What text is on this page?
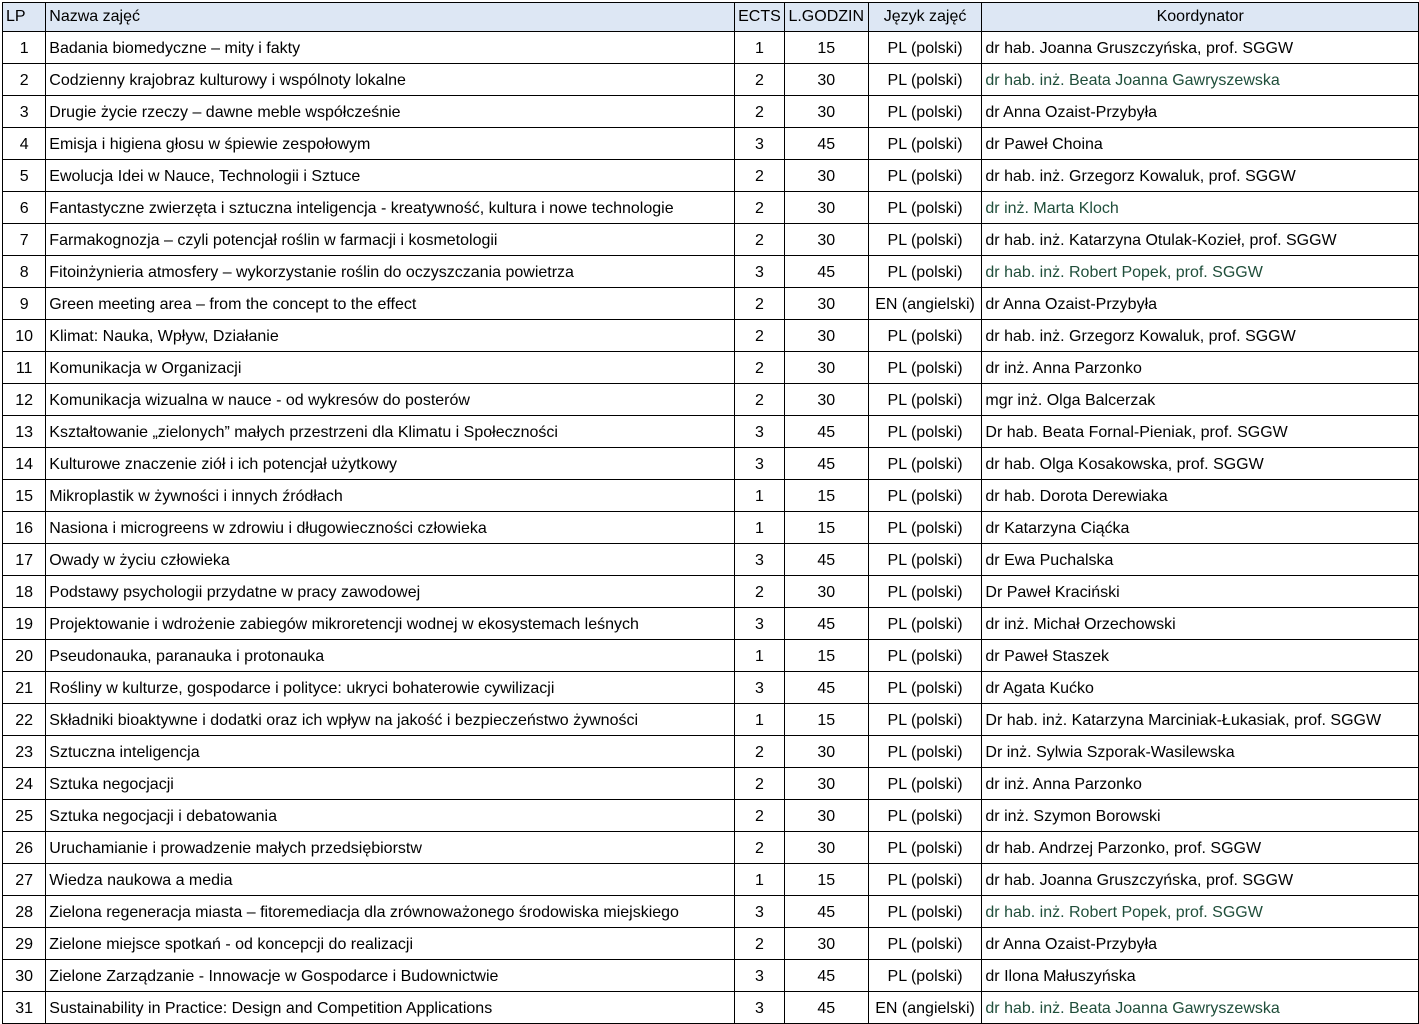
LP	Nazwa zajęć	ECTS	L.GODZIN	Język zajęć	Koordynator
1	Badania biomedyczne – mity i fakty	1	15	PL (polski)	dr hab. Joanna Gruszczyńska, prof. SGGW
2	Codzienny krajobraz kulturowy i wspólnoty lokalne	2	30	PL (polski)	dr hab. inż. Beata Joanna Gawryszewska
3	Drugie życie rzeczy – dawne meble współcześnie	2	30	PL (polski)	dr Anna Ozaist-Przybyła
4	Emisja i higiena głosu w śpiewie zespołowym	3	45	PL (polski)	dr Paweł Choina
5	Ewolucja Idei w Nauce, Technologii i Sztuce	2	30	PL (polski)	dr hab. inż. Grzegorz Kowaluk, prof. SGGW
6	Fantastyczne zwierzęta i sztuczna inteligencja - kreatywność, kultura i nowe technologie	2	30	PL (polski)	dr inż. Marta Kloch
7	Farmakognozja – czyli potencjał roślin w farmacji i kosmetologii	2	30	PL (polski)	dr hab. inż. Katarzyna Otulak-Kozieł, prof. SGGW
8	Fitoinżynieria atmosfery – wykorzystanie roślin do oczyszczania powietrza	3	45	PL (polski)	dr hab. inż. Robert Popek, prof. SGGW
9	Green meeting area – from the concept to the effect	2	30	EN (angielski)	dr Anna Ozaist-Przybyła
10	Klimat: Nauka, Wpływ, Działanie	2	30	PL (polski)	dr hab. inż. Grzegorz Kowaluk, prof. SGGW
11	Komunikacja w Organizacji	2	30	PL (polski)	dr inż. Anna Parzonko
12	Komunikacja wizualna w nauce - od wykresów do posterów	2	30	PL (polski)	mgr inż. Olga Balcerzak
13	Kształtowanie „zielonych” małych przestrzeni dla Klimatu i Społeczności	3	45	PL (polski)	Dr hab. Beata Fornal-Pieniak, prof. SGGW
14	Kulturowe znaczenie ziół i ich potencjał użytkowy	3	45	PL (polski)	dr hab. Olga Kosakowska, prof. SGGW
15	Mikroplastik w żywności i innych źródłach	1	15	PL (polski)	dr hab. Dorota Derewiaka
16	Nasiona i microgreens w zdrowiu i długowieczności człowieka	1	15	PL (polski)	dr Katarzyna Ciąćka
17	Owady w życiu człowieka	3	45	PL (polski)	dr Ewa Puchalska
18	Podstawy psychologii przydatne w pracy zawodowej	2	30	PL (polski)	Dr Paweł Kraciński
19	Projektowanie i wdrożenie zabiegów mikroretencji wodnej w ekosystemach leśnych	3	45	PL (polski)	dr inż. Michał Orzechowski
20	Pseudonauka, paranauka i protonauka	1	15	PL (polski)	dr Paweł Staszek
21	Rośliny w kulturze, gospodarce i polityce: ukryci bohaterowie cywilizacji	3	45	PL (polski)	dr Agata Kućko
22	Składniki bioaktywne i dodatki oraz ich wpływ na jakość i bezpieczeństwo żywności	1	15	PL (polski)	Dr hab. inż. Katarzyna Marciniak-Łukasiak, prof. SGGW
23	Sztuczna inteligencja	2	30	PL (polski)	Dr inż. Sylwia Szporak-Wasilewska
24	Sztuka negocjacji	2	30	PL (polski)	dr inż. Anna Parzonko
25	Sztuka negocjacji i debatowania	2	30	PL (polski)	dr inż. Szymon Borowski
26	Uruchamianie i prowadzenie małych przedsiębiorstw	2	30	PL (polski)	dr hab. Andrzej Parzonko, prof. SGGW
27	Wiedza naukowa a media	1	15	PL (polski)	dr hab. Joanna Gruszczyńska, prof. SGGW
28	Zielona regeneracja miasta – fitoremediacja dla zrównoważonego środowiska miejskiego	3	45	PL (polski)	dr hab. inż. Robert Popek, prof. SGGW
29	Zielone miejsce spotkań - od koncepcji do realizacji	2	30	PL (polski)	dr Anna Ozaist-Przybyła
30	Zielone Zarządzanie - Innowacje w Gospodarce i Budownictwie	3	45	PL (polski)	dr Ilona Małuszyńska
31	Sustainability in Practice: Design and Competition Applications	3	45	EN (angielski)	dr hab. inż. Beata Joanna Gawryszewska
